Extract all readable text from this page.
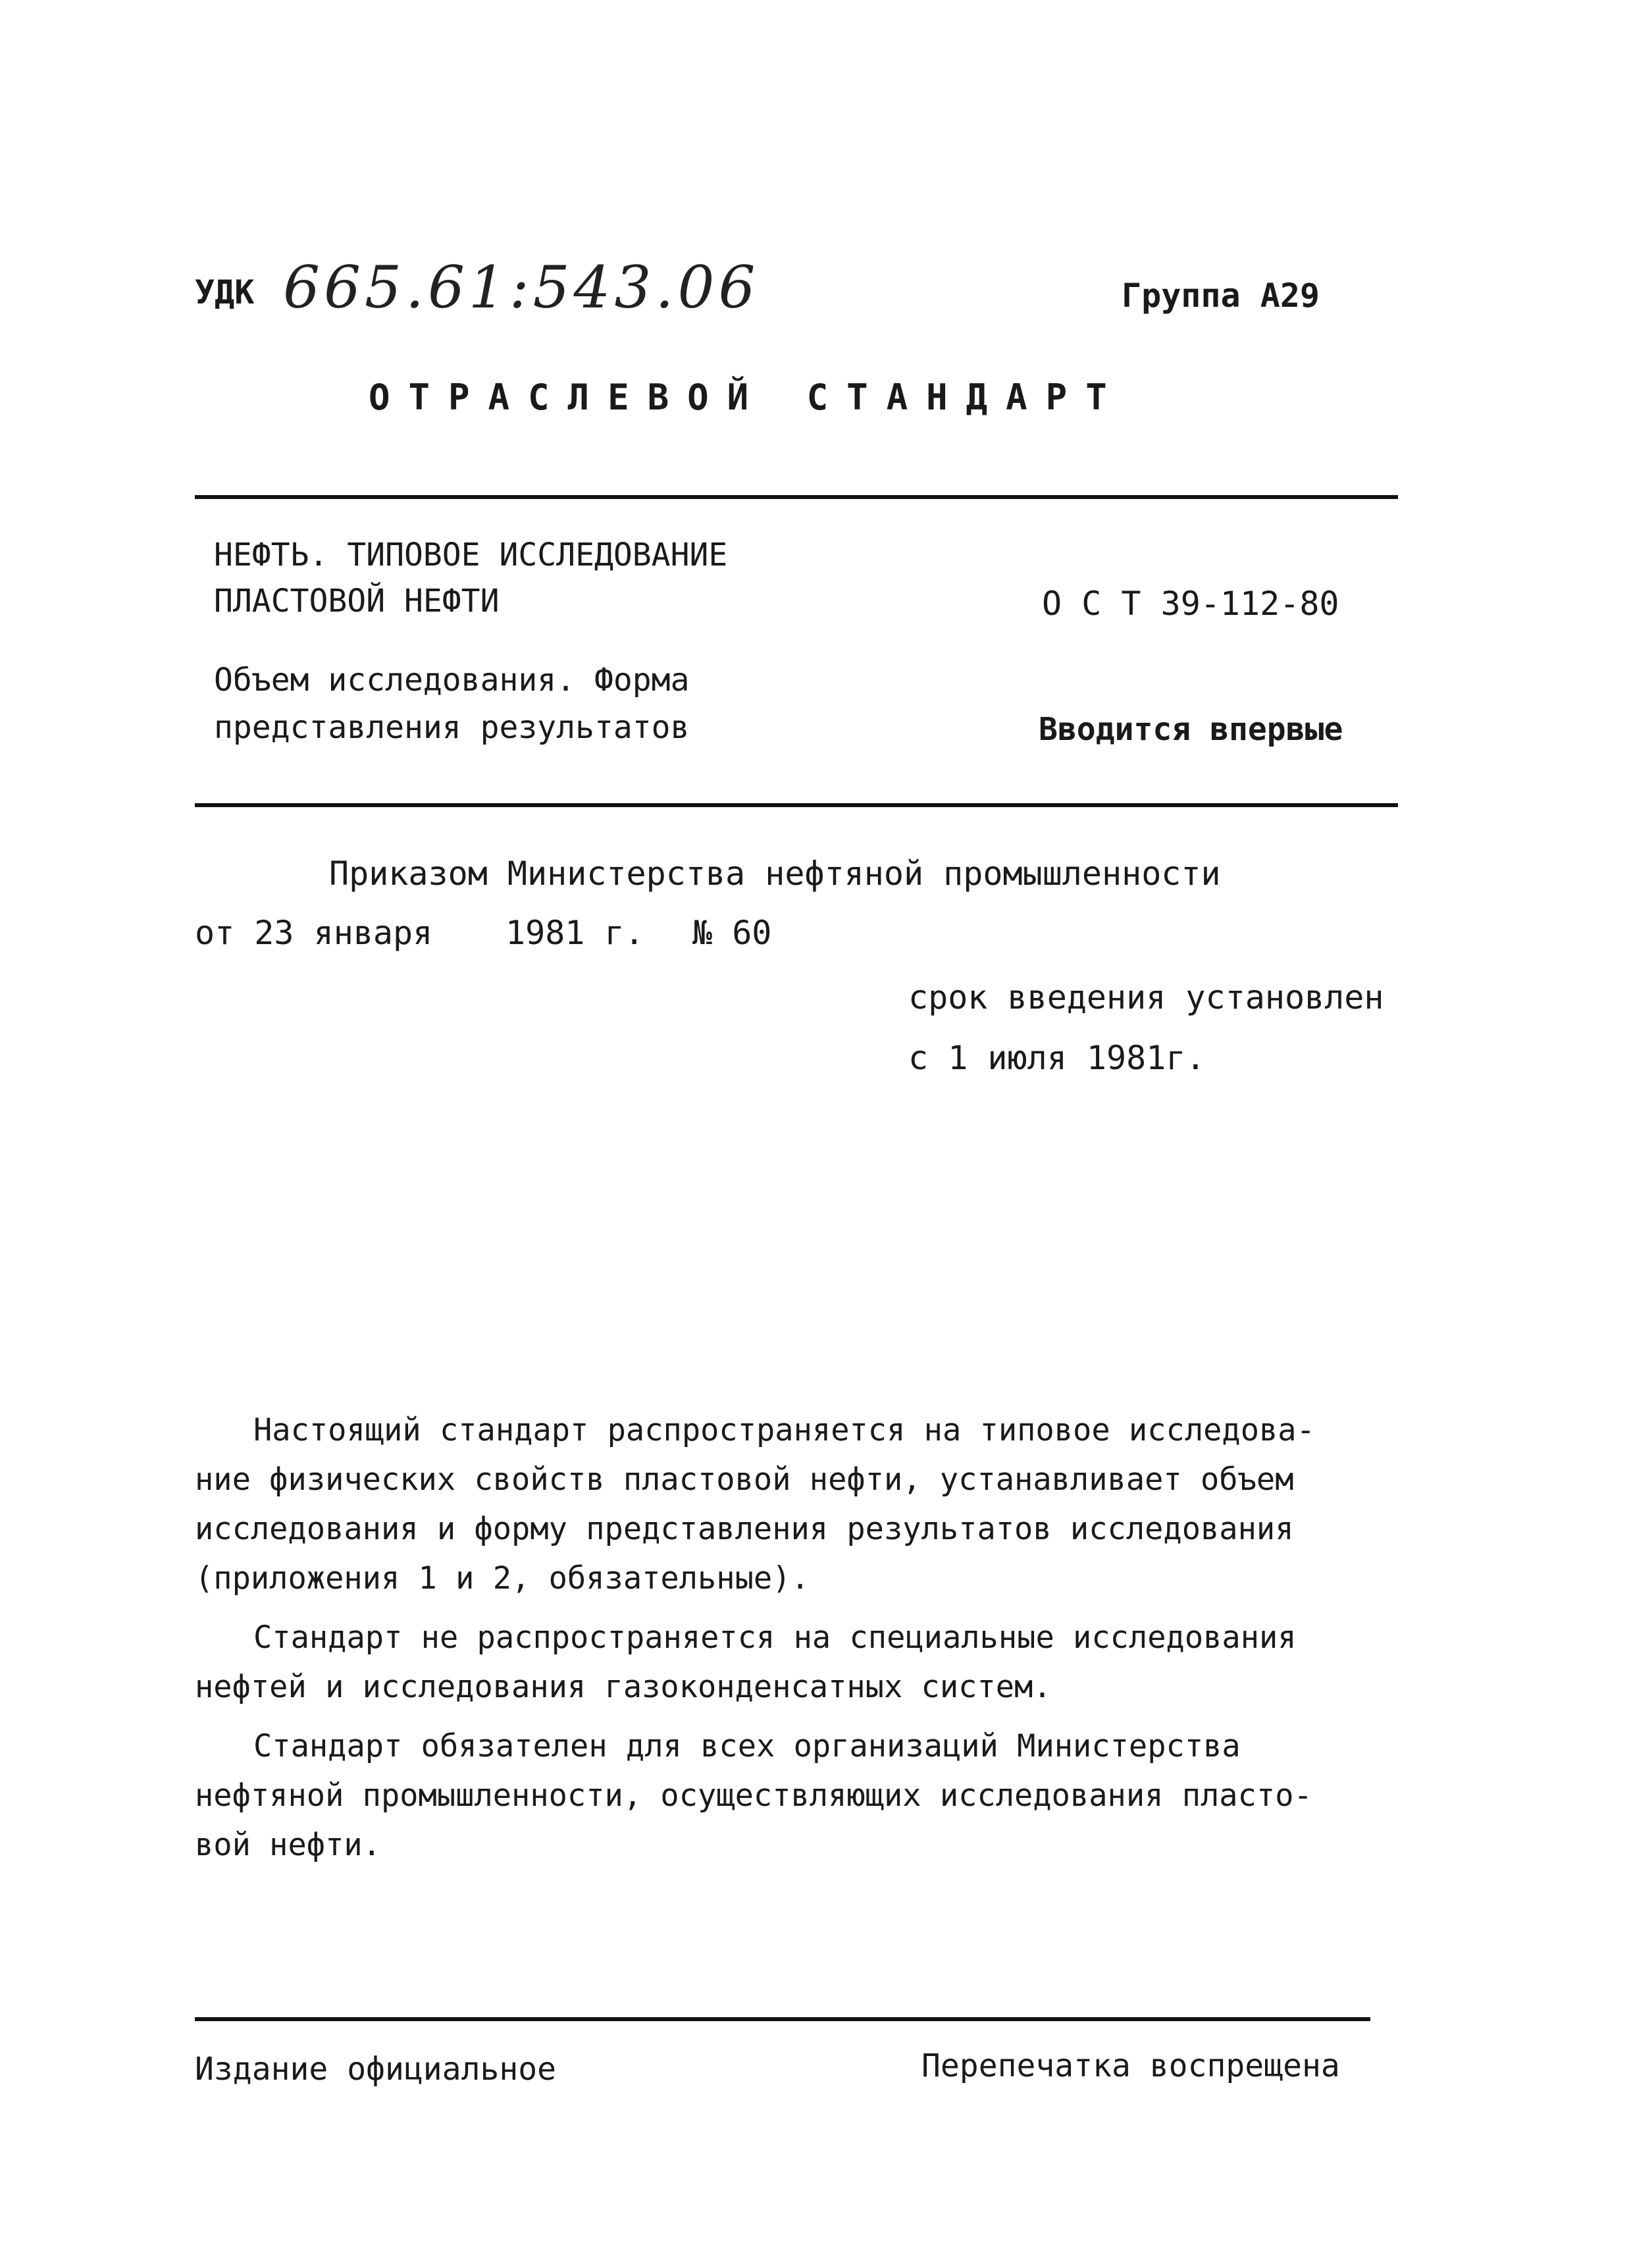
УДК 665.61:543.06	Группа А29
ОТРАСЛЕВОЙ СТАНДАРТ
НЕФТЬ. ТИПОВОЕ ИССЛЕДОВАНИЕ
ПЛАСТОВОЙ НЕФТИ	О С Т 39-112-80
Объем исследования. Форма
представления результатов	Вводится впервые
Приказом Министерства нефтяной промышленности
от 23 января 1981 г. № 60
срок введения установлен
с 1 июля 1981г.
Настоящий стандарт распространяется на типовое исследова-
ние физических свойств пластовой нефти, устанавливает объем
исследования и форму представления результатов исследования
(приложения 1 и 2, обязательные).
Стандарт не распространяется на специальные исследования
нефтей и исследования газоконденсатных систем.
Стандарт обязателен для всех организаций Министерства
нефтяной промышленности, осуществляющих исследования пласто-
вой нефти.
Издание официальное	Перепечатка воспрещена
